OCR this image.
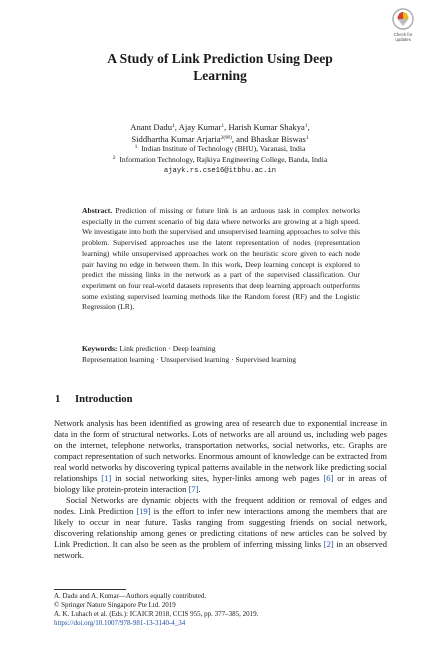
Check for
updates
A Study of Link Prediction Using Deep
Learning
Anant Dadu$^1$, Ajay Kumar$^1$, Harish Kumar Shakya$^1$,
Siddhartha Kumar Arjaria$^{2(✉)}$, and Bhaskar Biswas$^1$
$^1$ Indian Institute of Technology (BHU), Varanasi, India
$^2$ Information Technology, Rajkiya Engineering College, Banda, India
ajayk.rs.cse16@itbhu.ac.in
Abstract. Prediction of missing or future link is an arduous task in complex networks especially in the current scenario of big data where networks are growing at a high speed. We investigate into both the supervised and unsupervised learning approaches to solve this problem. Supervised approaches use the latent representation of nodes (representation learning) while unsupervised approaches work on the heuristic score given to each node pair having no edge in between them. In this work, Deep learning concept is explored to predict the missing links in the network as a part of the supervised classification. Our experiment on four real-world datasets represents that deep learning approach outperforms some existing supervised learning methods like the Random forest (RF) and the Logistic Regression (LR).
Keywords: Link prediction · Deep learning
Representation learning · Unsupervised learning · Supervised learning
1 Introduction

Network analysis has been identified as growing area of research due to exponential increase in data in the form of structural networks. Lots of networks are all around us, including web pages on the internet, telephone networks, transportation networks, social networks, etc. Graphs are compact representation of such networks. Enormous amount of knowledge can be extracted from real world networks by discovering typical patterns available in the network like predicting social relationships [1] in social networking sites, hyper-links among web pages [6] or in areas of biology like protein-protein interaction [7].

Social Networks are dynamic objects with the frequent addition or removal of edges and nodes. Link Prediction [19] is the effort to infer new interactions among the members that are likely to occur in near future. Tasks ranging from suggesting friends on social network, discovering relationship among genes or predicting citations of new articles can be solved by Link Prediction. It can also be seen as the problem of inferring missing links [2] in an observed network.

A. Dadu and A. Kumar—Authors equally contributed.
© Springer Nature Singapore Pte Ltd. 2019
A. K. Luhach et al. (Eds.): ICAICR 2018, CCIS 955, pp. 377–385, 2019.
https://doi.org/10.1007/978-981-13-3140-4_34
